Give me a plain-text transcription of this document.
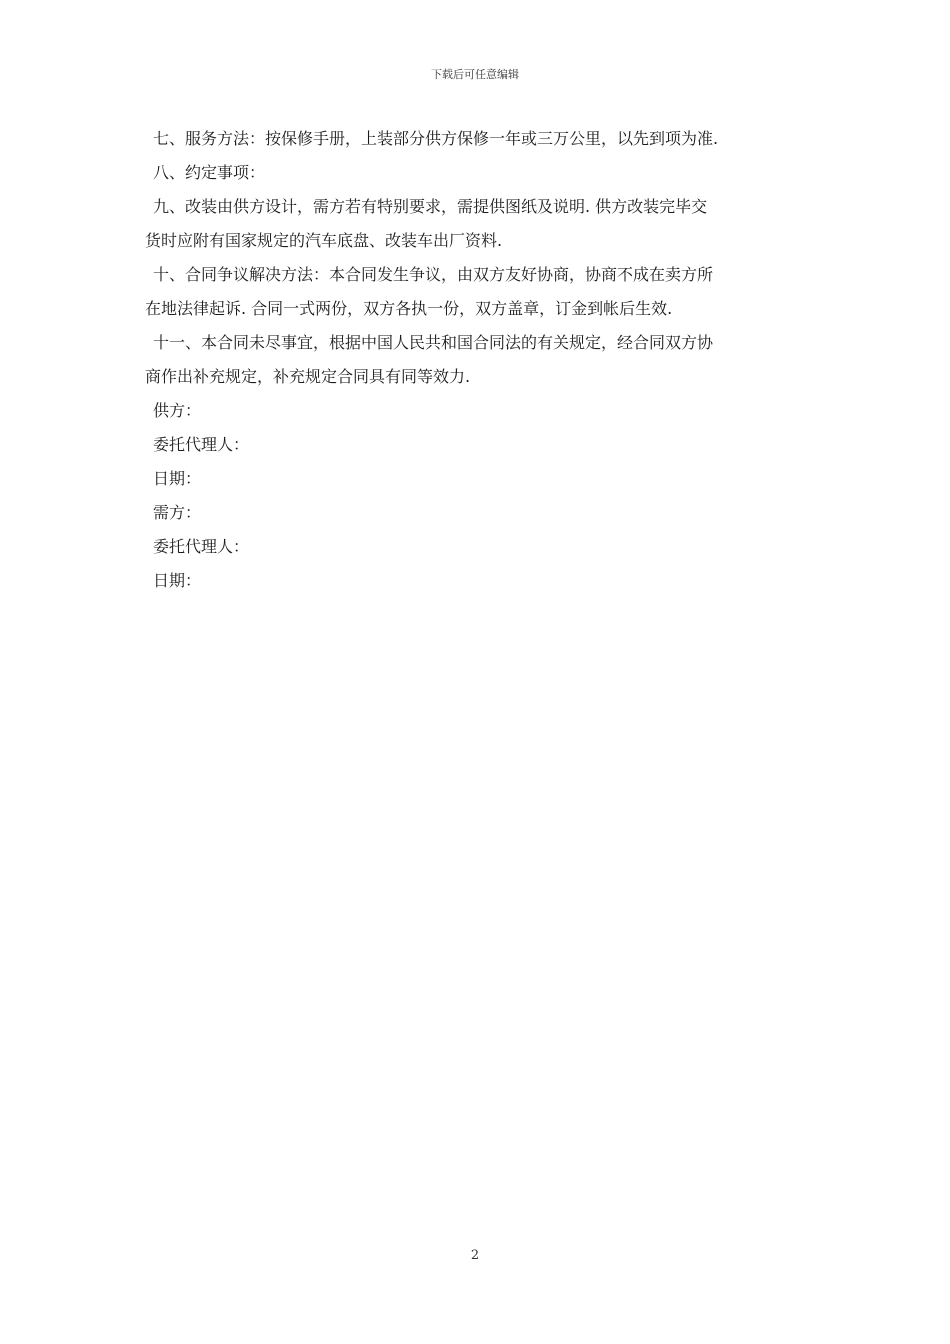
下载后可任意编辑
七、服务方法：按保修手册，上装部分供方保修一年或三万公里，以先到项为准.
八、约定事项：
九、改装由供方设计，需方若有特别要求，需提供图纸及说明. 供方改装完毕交
货时应附有国家规定的汽车底盘、改装车出厂资料.
十、合同争议解决方法：本合同发生争议，由双方友好协商，协商不成在卖方所
在地法律起诉. 合同一式两份，双方各执一份，双方盖章，订金到帐后生效.
十一、本合同未尽事宜，根据中国人民共和国合同法的有关规定，经合同双方协
商作出补充规定，补充规定合同具有同等效力.
供方：
委托代理人：
日期：
需方：
委托代理人：
日期：
2
